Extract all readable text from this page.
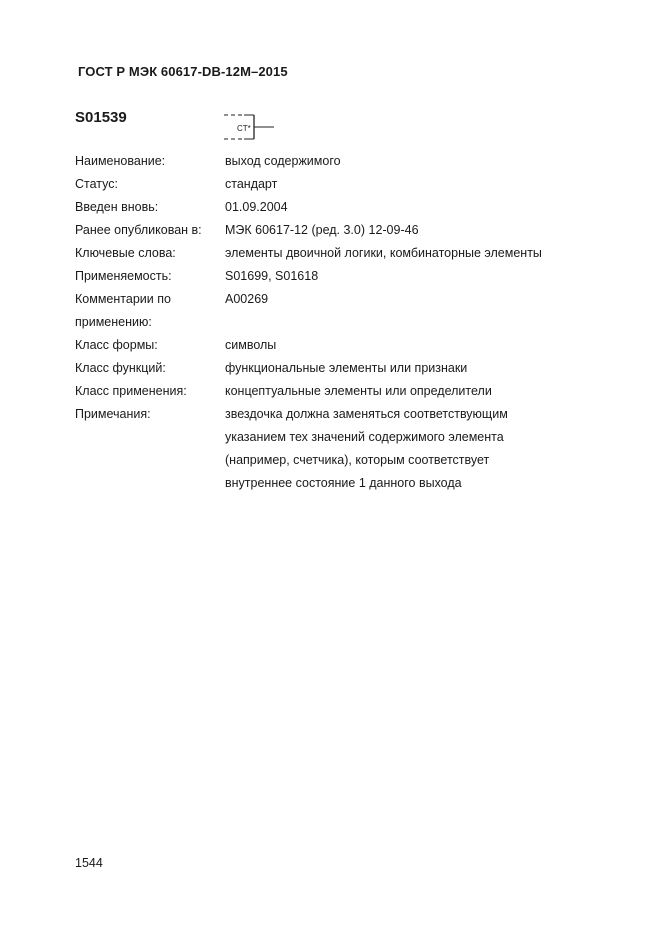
ГОСТ Р МЭК 60617-DB-12M–2015
S01539
CT*
Наименование:	выход содержимого
Статус:	стандарт
Введен вновь:	01.09.2004
Ранее опубликован в:	МЭК 60617-12 (ред. 3.0) 12-09-46
Ключевые слова:	элементы двоичной логики, комбинаторные элементы
Применяемость:	S01699, S01618
Комментарии по	A00269
применению:
Класс формы:	символы
Класс функций:	функциональные элементы или признаки
Класс применения:	концептуальные элементы или определители
Примечания:	звездочка должна заменяться соответствующим
указанием тех значений содержимого элемента
(например, счетчика), которым соответствует
внутреннее состояние 1 данного выхода
1544
